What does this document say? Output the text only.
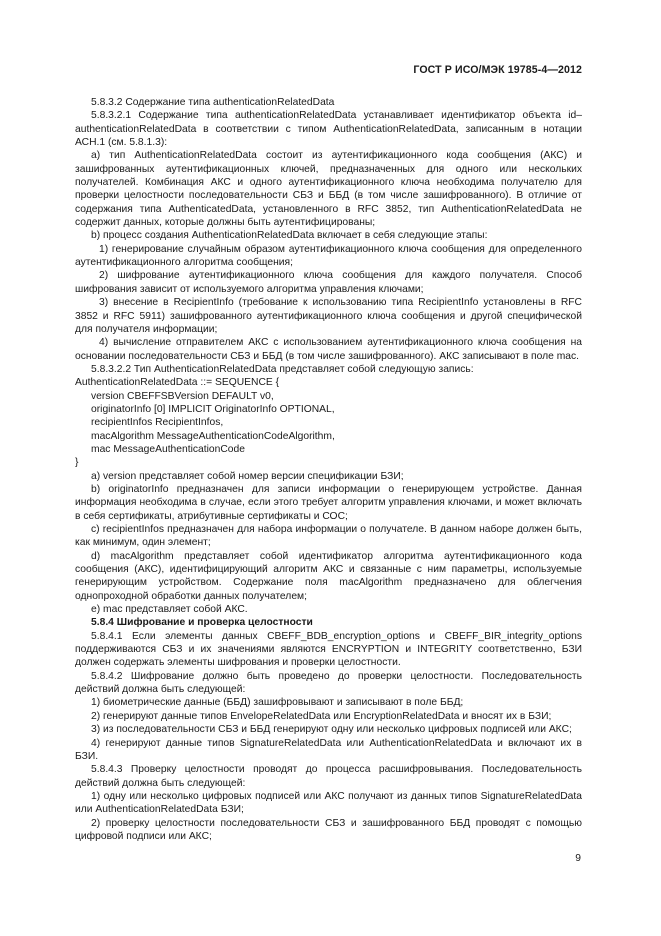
ГОСТ Р ИСО/МЭК 19785-4—2012

5.8.3.2 Содержание типа authenticationRelatedData

5.8.3.2.1 Содержание типа authenticationRelatedData устанавливает идентификатор объекта id–authenticationRelatedData в соответствии с типом AuthenticationRelatedData, записанным в нотации АСН.1 (см. 5.8.1.3):

а) тип AuthenticationRelatedData состоит из аутентификационного кода сообщения (АКС) и зашифрованных аутентификационных ключей, предназначенных для одного или нескольких получателей. Комбинация АКС и одного аутентификационного ключа необходима получателю для проверки целостности последовательности СБЗ и ББД (в том числе зашифрованного). В отличие от содержания типа AuthenticatedData, установленного в RFC 3852, тип AuthenticationRelatedData не содержит данных, которые должны быть аутентифицированы;

b) процесс создания AuthenticationRelatedData включает в себя следующие этапы:

1) генерирование случайным образом аутентификационного ключа сообщения для определенного аутентификационного алгоритма сообщения;

2) шифрование аутентификационного ключа сообщения для каждого получателя. Способ шифрования зависит от используемого алгоритма управления ключами;

3) внесение в RecipientInfo (требование к использованию типа RecipientInfo установлены в RFC 3852 и RFC 5911) зашифрованного аутентификационного ключа сообщения и другой специфической для получателя информации;

4) вычисление отправителем АКС с использованием аутентификационного ключа сообщения на основании последовательности СБЗ и ББД (в том числе зашифрованного). АКС записывают в поле mac.

5.8.3.2.2 Тип AuthenticationRelatedData представляет собой следующую запись:

AuthenticationRelatedData ::= SEQUENCE {

version CBEFFSBVersion DEFAULT v0,

originatorInfo [0] IMPLICIT OriginatorInfo OPTIONAL,

recipientInfos RecipientInfos,

macAlgorithm MessageAuthenticationCodeAlgorithm,

mac MessageAuthenticationCode

}

а) version представляет собой номер версии спецификации БЗИ;

b) originatorInfo предназначен для записи информации о генерирующем устройстве. Данная информация необходима в случае, если этого требует алгоритм управления ключами, и может включать в себя сертификаты, атрибутивные сертификаты и СОС;

c) recipientInfos предназначен для набора информации о получателе. В данном наборе должен быть, как минимум, один элемент;

d) macAlgorithm представляет собой идентификатор алгоритма аутентификационного кода сообщения (АКС), идентифицирующий алгоритм АКС и связанные с ним параметры, используемые генерирующим устройством. Содержание поля macAlgorithm предназначено для облегчения однопроходной обработки данных получателем;

e) mac представляет собой АКС.

5.8.4 Шифрование и проверка целостности

5.8.4.1 Если элементы данных CBEFF_BDB_encryption_options и CBEFF_BIR_integrity_options поддерживаются СБЗ и их значениями являются ENCRYPTION и INTEGRITY соответственно, БЗИ должен содержать элементы шифрования и проверки целостности.

5.8.4.2 Шифрование должно быть проведено до проверки целостности. Последовательность действий должна быть следующей:

1) биометрические данные (ББД) зашифровывают и записывают в поле ББД;

2) генерируют данные типов EnvelopeRelatedData или EncryptionRelatedData и вносят их в БЗИ;

3) из последовательности СБЗ и ББД генерируют одну или несколько цифровых подписей или АКС;

4) генерируют данные типов SignatureRelatedData или AuthenticationRelatedData и включают их в БЗИ.

5.8.4.3 Проверку целостности проводят до процесса расшифровывания. Последовательность действий должна быть следующей:

1) одну или несколько цифровых подписей или АКС получают из данных типов SignatureRelatedData или AuthenticationRelatedData БЗИ;

2) проверку целостности последовательности СБЗ и зашифрованного ББД проводят с помощью цифровой подписи или АКС;

9
